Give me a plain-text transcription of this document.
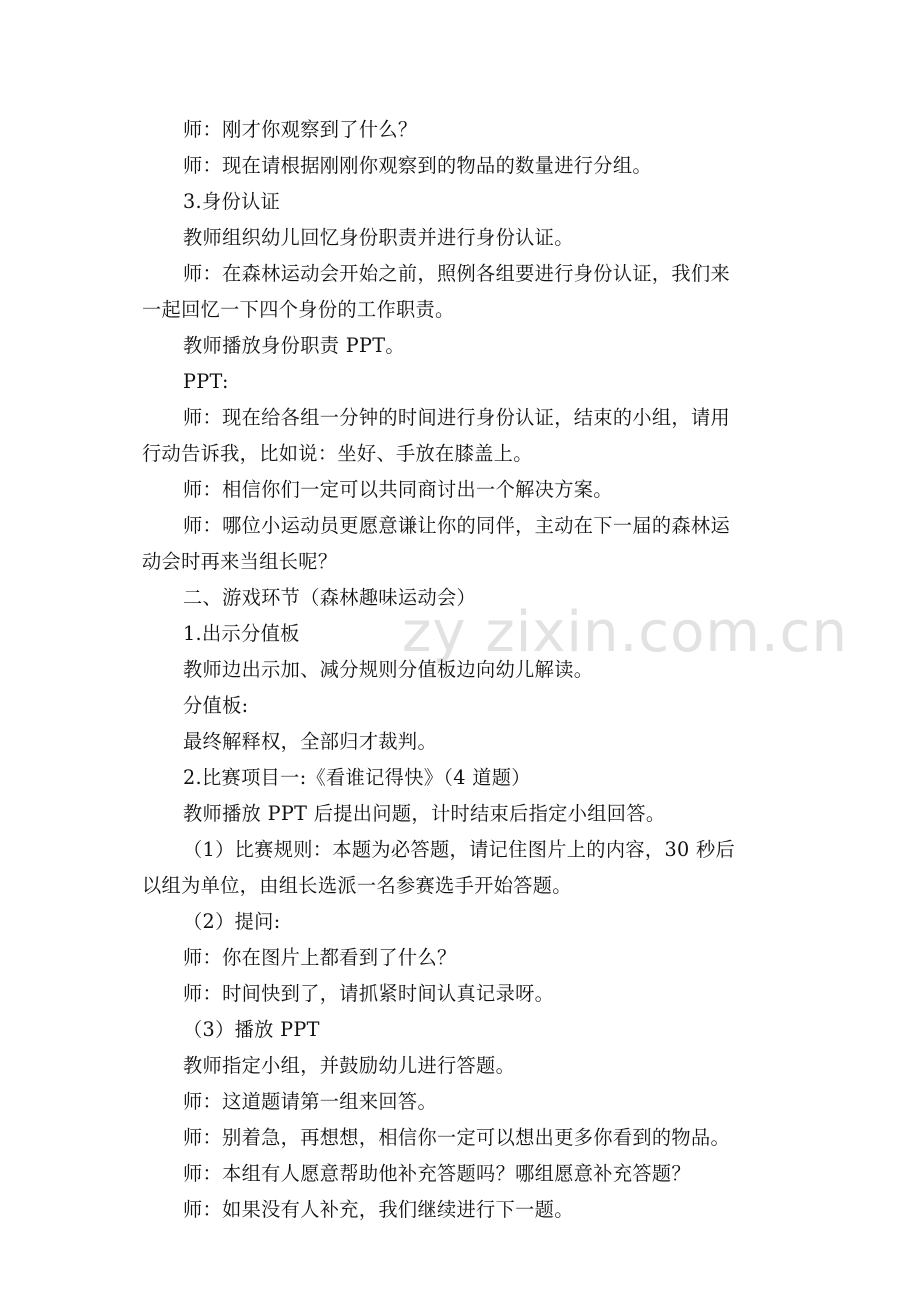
zy zixin.com.cn
师：刚才你观察到了什么？
师：现在请根据刚刚你观察到的物品的数量进行分组。
3.身份认证
教师组织幼儿回忆身份职责并进行身份认证。
师：在森林运动会开始之前，照例各组要进行身份认证，我们来
一起回忆一下四个身份的工作职责。
教师播放身份职责 PPT。
PPT:
师：现在给各组一分钟的时间进行身份认证，结束的小组，请用
行动告诉我，比如说：坐好、手放在膝盖上。
师：相信你们一定可以共同商讨出一个解决方案。
师：哪位小运动员更愿意谦让你的同伴，主动在下一届的森林运
动会时再来当组长呢？
二、游戏环节（森林趣味运动会）
1.出示分值板
教师边出示加、减分规则分值板边向幼儿解读。
分值板:
最终解释权，全部归才裁判。
2.比赛项目一:《看谁记得快》（4 道题）
教师播放 PPT 后提出问题，计时结束后指定小组回答。
（1）比赛规则：本题为必答题，请记住图片上的内容，30 秒后
以组为单位，由组长选派一名参赛选手开始答题。
（2）提问:
师：你在图片上都看到了什么？
师：时间快到了，请抓紧时间认真记录呀。
（3）播放 PPT
教师指定小组，并鼓励幼儿进行答题。
师：这道题请第一组来回答。
师：别着急，再想想，相信你一定可以想出更多你看到的物品。
师：本组有人愿意帮助他补充答题吗？哪组愿意补充答题？
师：如果没有人补充，我们继续进行下一题。
